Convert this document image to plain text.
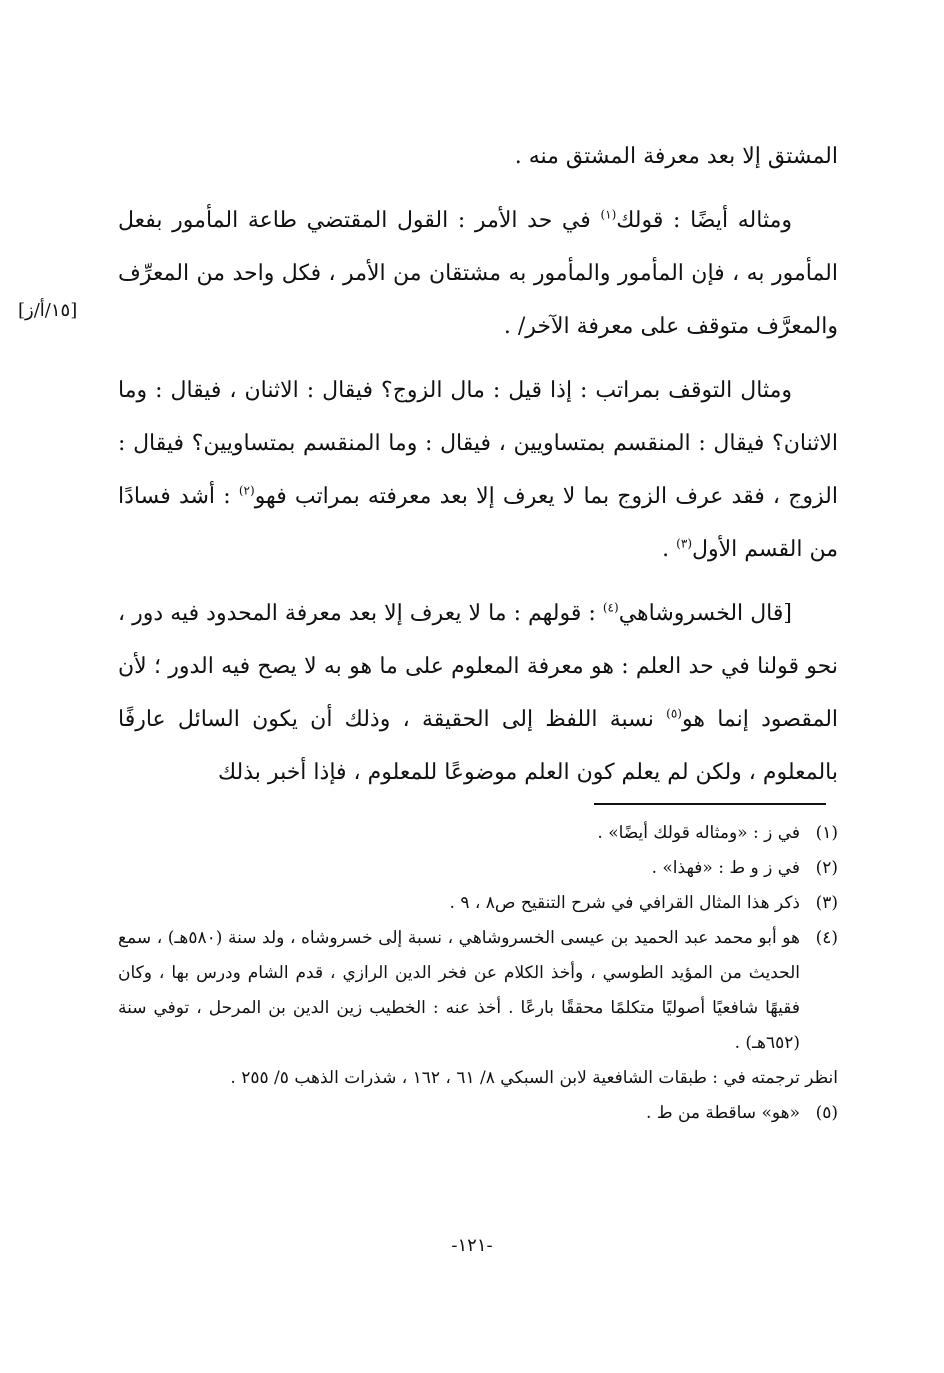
[١٥/أ/ز]

المشتق إلا بعد معرفة المشتق منه .

ومثاله أيضًا : قولك$^{(١)}$ في حد الأمر : القول المقتضي طاعة المأمور بفعل المأمور به ، فإن المأمور والمأمور به مشتقان من الأمر ، فكل واحد من المعرِّف والمعرَّف متوقف على معرفة الآخر/ .

ومثال التوقف بمراتب : إذا قيل : مال الزوج؟ فيقال : الاثنان ، فيقال : وما الاثنان؟ فيقال : المنقسم بمتساويين ، فيقال : وما المنقسم بمتساويين؟ فيقال : الزوج ، فقد عرف الزوج بما لا يعرف إلا بعد معرفته بمراتب فهو$^{(٢)}$ : أشد فسادًا من القسم الأول$^{(٣)}$ .

[قال الخسروشاهي$^{(٤)}$ : قولهم : ما لا يعرف إلا بعد معرفة المحدود فيه دور ، نحو قولنا في حد العلم : هو معرفة المعلوم على ما هو به لا يصح فيه الدور ؛ لأن المقصود إنما هو$^{(٥)}$ نسبة اللفظ إلى الحقيقة ، وذلك أن يكون السائل عارفًا بالمعلوم ، ولكن لم يعلم كون العلم موضوعًا للمعلوم ، فإذا أخبر بذلك

(١)
في ز : «ومثاله قولك أيضًا» .
(٢)
في ز و ط : «فهذا» .
(٣)
ذكر هذا المثال القرافي في شرح التنقيح ص٨ ، ٩ .
(٤)
هو أبو محمد عبد الحميد بن عيسى الخسروشاهي ، نسبة إلى خسروشاه ، ولد سنة (٥٨٠هـ) ، سمع الحديث من المؤيد الطوسي ، وأخذ الكلام عن فخر الدين الرازي ، قدم الشام ودرس بها ، وكان فقيهًا شافعيًا أصوليًا متكلمًا محققًا بارعًا . أخذ عنه : الخطيب زين الدين بن المرحل ، توفي سنة (٦٥٢هـ) .
انظر ترجمته في : طبقات الشافعية لابن السبكي ٨/ ٦١ ، ١٦٢ ، شذرات الذهب ٥/ ٢٥٥ .
(٥)
«هو» ساقطة من ط .
-١٢١-
